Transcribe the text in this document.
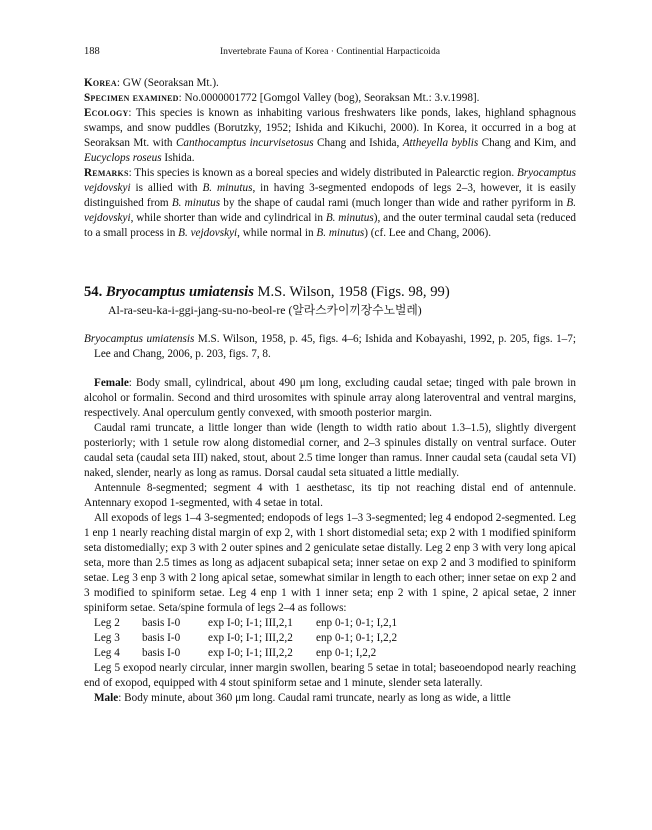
188	Invertebrate Fauna of Korea · Continential Harpacticoida

Korea: GW (Seoraksan Mt.).

Specimen examined: No.0000001772 [Gomgol Valley (bog), Seoraksan Mt.: 3.v.1998].

Ecology: This species is known as inhabiting various freshwaters like ponds, lakes, highland sphagnous swamps, and snow puddles (Borutzky, 1952; Ishida and Kikuchi, 2000). In Korea, it occurred in a bog at Seoraksan Mt. with Canthocamptus incurvisetosus Chang and Ishida, Attheyella byblis Chang and Kim, and Eucyclops roseus Ishida.

Remarks: This species is known as a boreal species and widely distributed in Palearctic region. Bryocamptus vejdovskyi is allied with B. minutus, in having 3-segmented endopods of legs 2–3, however, it is easily distinguished from B. minutus by the shape of caudal rami (much longer than wide and rather pyriform in B. vejdovskyi, while shorter than wide and cylindrical in B. minutus), and the outer terminal caudal seta (reduced to a small process in B. vejdovskyi, while normal in B. minutus) (cf. Lee and Chang, 2006).

54. Bryocamptus umiatensis M.S. Wilson, 1958 (Figs. 98, 99)

Al-ra-seu-ka-i-ggi-jang-su-no-beol-re (알라스카이끼장수노벌레)

Bryocamptus umiatensis M.S. Wilson, 1958, p. 45, figs. 4–6; Ishida and Kobayashi, 1992, p. 205, figs. 1–7; Lee and Chang, 2006, p. 203, figs. 7, 8.

Female: Body small, cylindrical, about 490 μm long, excluding caudal setae; tinged with pale brown in alcohol or formalin. Second and third urosomites with spinule array along lateroventral and ventral margins, respectively. Anal operculum gently convexed, with smooth posterior margin.

Caudal rami truncate, a little longer than wide (length to width ratio about 1.3–1.5), slightly divergent posteriorly; with 1 setule row along distomedial corner, and 2–3 spinules distally on ventral surface. Outer caudal seta (caudal seta III) naked, stout, about 2.5 time longer than ramus. Inner caudal seta (caudal seta VI) naked, slender, nearly as long as ramus. Dorsal caudal seta situated a little medially.

Antennule 8-segmented; segment 4 with 1 aesthetasc, its tip not reaching distal end of antennule. Antennary exopod 1-segmented, with 4 setae in total.

All exopods of legs 1–4 3-segmented; endopods of legs 1–3 3-segmented; leg 4 endopod 2-segmented. Leg 1 enp 1 nearly reaching distal margin of exp 2, with 1 short distomedial seta; exp 2 with 1 modified spiniform seta distomedially; exp 3 with 2 outer spines and 2 geniculate setae distally. Leg 2 enp 3 with very long apical seta, more than 2.5 times as long as adjacent subapical seta; inner setae on exp 2 and 3 modified to spiniform setae. Leg 3 enp 3 with 2 long apical setae, somewhat similar in length to each other; inner setae on exp 2 and 3 modified to spiniform setae. Leg 4 enp 1 with 1 inner seta; enp 2 with 1 spine, 2 apical setae, 2 inner spiniform setae. Seta/spine formula of legs 2–4 as follows:

Leg 2	basis I-0	exp I-0; I-1; III,2,1	enp 0-1; 0-1; I,2,1
Leg 3	basis I-0	exp I-0; I-1; III,2,2	enp 0-1; 0-1; I,2,2
Leg 4	basis I-0	exp I-0; I-1; III,2,2	enp 0-1; I,2,2

Leg 5 exopod nearly circular, inner margin swollen, bearing 5 setae in total; baseoendopod nearly reaching end of exopod, equipped with 4 stout spiniform setae and 1 minute, slender seta laterally.

Male: Body minute, about 360 μm long. Caudal rami truncate, nearly as long as wide, a little
